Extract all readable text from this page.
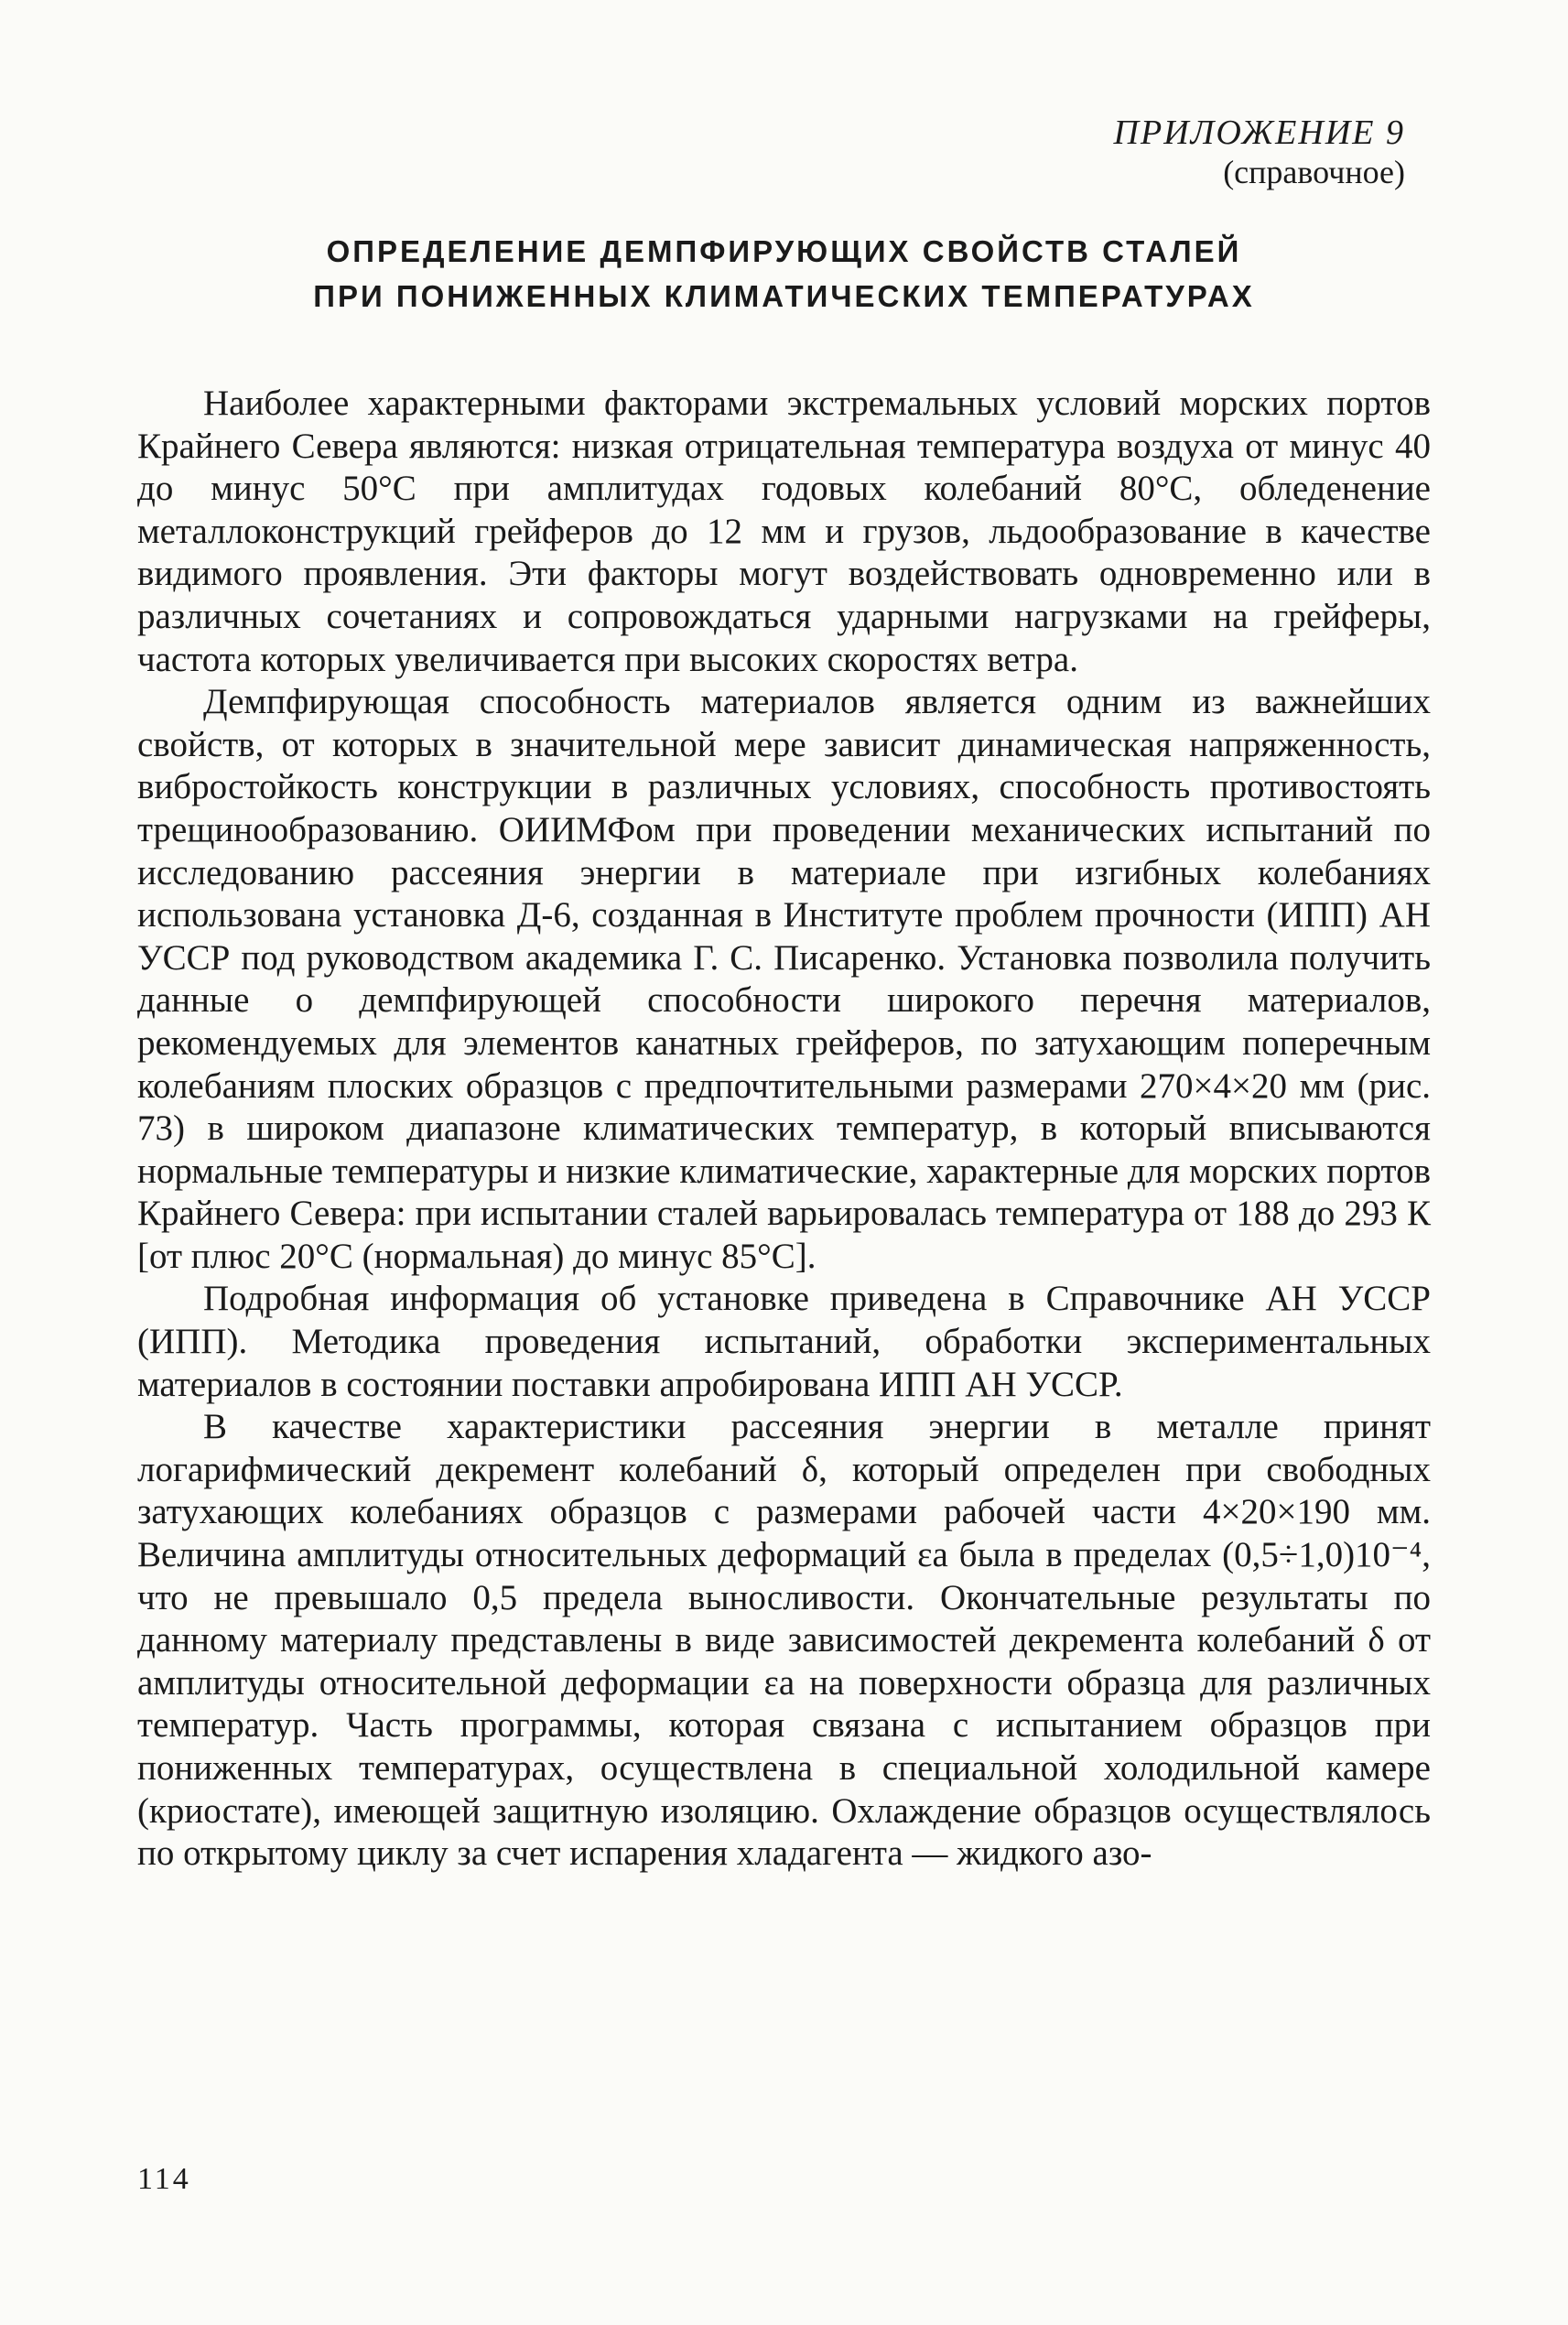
ПРИЛОЖЕНИЕ 9
(справочное)
ОПРЕДЕЛЕНИЕ ДЕМПФИРУЮЩИХ СВОЙСТВ СТАЛЕЙ
ПРИ ПОНИЖЕННЫХ КЛИМАТИЧЕСКИХ ТЕМПЕРАТУРАХ

Наиболее характерными факторами экстремальных условий морских портов Крайнего Севера являются: низкая отрицательная температура воздуха от минус 40 до минус 50°С при амплитудах годовых колебаний 80°С, обледенение металлоконструкций грейферов до 12 мм и грузов, льдообразование в качестве видимого проявления. Эти факторы могут воздействовать одновременно или в различных сочетаниях и сопровождаться ударными нагрузками на грейферы, частота которых увеличивается при высоких скоростях ветра.

Демпфирующая способность материалов является одним из важнейших свойств, от которых в значительной мере зависит динамическая напряженность, вибростойкость конструкции в различных условиях, способность противостоять трещинообразованию. ОИИМФом при проведении механических испытаний по исследованию рассеяния энергии в материале при изгибных колебаниях использована установка Д-6, созданная в Институте проблем прочности (ИПП) АН УССР под руководством академика Г. С. Писаренко. Установка позволила получить данные о демпфирующей способности широкого перечня материалов, рекомендуемых для элементов канатных грейферов, по затухающим поперечным колебаниям плоских образцов с предпочтительными размерами 270×4×20 мм (рис. 73) в широком диапазоне климатических температур, в который вписываются нормальные температуры и низкие климатические, характерные для морских портов Крайнего Севера: при испытании сталей варьировалась температура от 188 до 293 К [от плюс 20°С (нормальная) до минус 85°С].

Подробная информация об установке приведена в Справочнике АН УССР (ИПП). Методика проведения испытаний, обработки экспериментальных материалов в состоянии поставки апробирована ИПП АН УССР.

В качестве характеристики рассеяния энергии в металле принят логарифмический декремент колебаний δ, который определен при свободных затухающих колебаниях образцов с размерами рабочей части 4×20×190 мм. Величина амплитуды относительных деформаций εа была в пределах (0,5÷1,0)10⁻⁴, что не превышало 0,5 предела выносливости. Окончательные результаты по данному материалу представлены в виде зависимостей декремента колебаний δ от амплитуды относительной деформации εа на поверхности образца для различных температур. Часть программы, которая связана с испытанием образцов при пониженных температурах, осуществлена в специальной холодильной камере (криостате), имеющей защитную изоляцию. Охлаждение образцов осуществлялось по открытому циклу за счет испарения хладагента — жидкого азо-

114
